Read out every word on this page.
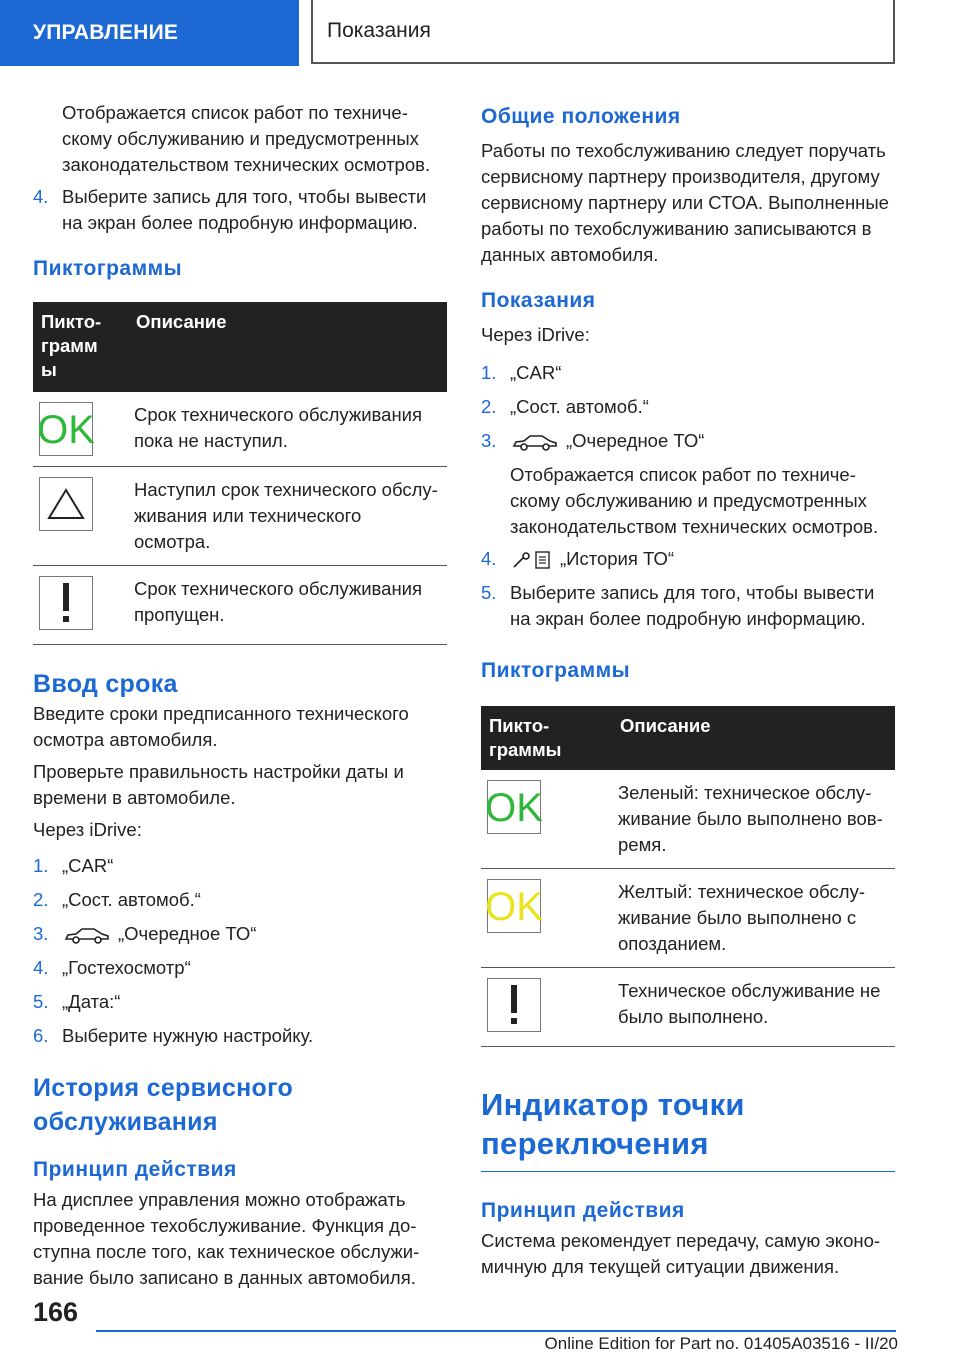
УПРАВЛЕНИЕ	Показания

Отображается список работ по техническому обслуживанию и предусмотренных законодательством технических осмотров.

4. Выберите запись для того, чтобы вывести на экран более подробную информацию.
Пиктограммы
Пиктограмм ы	Описание

OK	Срок технического обслуживания пока не наступил.

	Наступил срок технического обслуживания или технического осмотра.

	Срок технического обслуживания пропущен.
Ввод срока

Введите сроки предписанного технического осмотра автомобиля.

Проверьте правильность настройки даты и времени в автомобиле.

Через iDrive:

1. „CAR“
2. „Сост. автомоб.“
3.	„Очередное ТО“
4. „Гостехосмотр“
5. „Дата:“
6. Выберите нужную настройку.
История сервисного обслуживания
Принцип действия

На дисплее управления можно отображать проведенное техобслуживание. Функция доступна после того, как техническое обслуживание было записано в данных автомобиля.

Общие положения

Работы по техобслуживанию следует поручать сервисному партнеру производителя, другому сервисному партнеру или СТОА. Выполненные работы по техобслуживанию записываются в данных автомобиля.

Показания

Через iDrive:

1. „CAR“
2. „Сост. автомоб.“
3.	„Очередное ТО“

Отображается список работ по техническому обслуживанию и предусмотренных законодательством технических осмотров.

4.	„История ТО“
5. Выберите запись для того, чтобы вывести на экран более подробную информацию.
Пиктограммы
Пиктограммы	Описание

OK	Зеленый: техническое обслуживание было выполнено вовремя.

OK	Желтый: техническое обслуживание было выполнено с опозданием.

	Техническое обслуживание не было выполнено.
Индикатор точки переключения
Принцип действия

Система рекомендует передачу, самую экономичную для текущей ситуации движения.

166
Online Edition for Part no. 01405A03516 - II/20
